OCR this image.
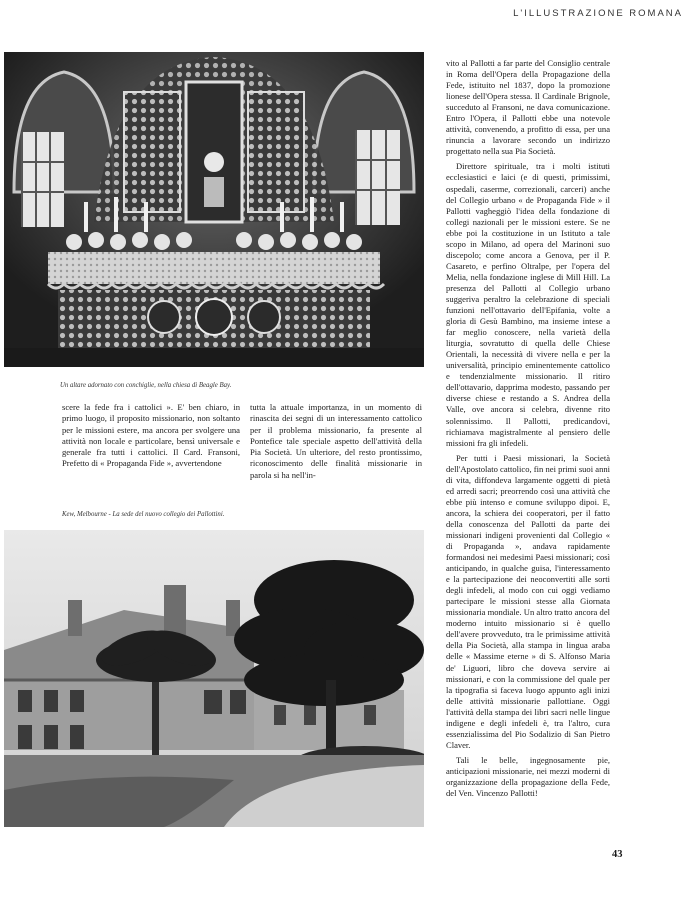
L'ILLUSTRAZIONE ROMANA
Un altare adornato con conchiglie, nella chiesa di Beagle Bay.

scere la fede fra i cattolici ». E' ben chiaro, in primo luogo, il proposito missionario, non soltanto per le missioni estere, ma ancora per svolgere una attività non locale e particolare, bensì universale e generale fra tutti i cattolici. Il Card. Fransoni, Prefetto di « Propaganda Fide », avvertendone

tutta la attuale importanza, in un momento di rinascita dei segni di un interessamento cattolico per il problema missionario, fa presente al Pontefice tale speciale aspetto dell'attività della Pia Società. Un ulteriore, del resto prontissimo, riconoscimento delle finalità missionarie in parola si ha nell'in-

Kew, Melbourne - La sede del nuovo collegio dei Pallottini.

vito al Pallotti a far parte del Consiglio centrale in Roma dell'Opera della Propagazione della Fede, istituito nel 1837, dopo la promozione lionese dell'Opera stessa. Il Cardinale Brignole, succeduto al Fransoni, ne dava comunicazione. Entro l'Opera, il Pallotti ebbe una notevole attività, convenendo, a profitto di essa, per una rinuncia a lavorare secondo un indirizzo progettato nella sua Pia Società.

Direttore spirituale, tra i molti istituti ecclesiastici e laici (e di questi, primissimi, ospedali, caserme, correzionali, carceri) anche del Collegio urbano « de Propaganda Fide » il Pallotti vagheggiò l'idea della fondazione di collegi nazionali per le missioni estere. Se ne ebbe poi la costituzione in un Istituto a tale scopo in Milano, ad opera del Marinoni suo discepolo; come ancora a Genova, per il P. Casareto, e perfino Oltralpe, per l'opera del Melia, nella fondazione inglese di Mill Hill. La presenza del Pallotti al Collegio urbano suggeriva peraltro la celebrazione di speciali funzioni nell'ottavario dell'Epifania, volte a gloria di Gesù Bambino, ma insieme intese a far meglio conoscere, nella varietà della liturgia, sovratutto di quella delle Chiese Orientali, la necessità di vivere nella e per la universalità, principio eminentemente cattolico e tendenzialmente missionario. Il ritiro dell'ottavario, dapprima modesto, passando per diverse chiese e restando a S. Andrea della Valle, ove ancora si celebra, divenne rito solennissimo. Il Pallotti, predicandovi, richiamava magistralmente al pensiero delle missioni fra gli infedeli.

Per tutti i Paesi missionari, la Società dell'Apostolato cattolico, fin nei primi suoi anni di vita, diffondeva largamente oggetti di pietà ed arredi sacri; preorrendo così una attività che ebbe più intenso e comune sviluppo dipoi. E, ancora, la schiera dei cooperatori, per il fatto della conoscenza del Pallotti da parte dei missionari indigeni provenienti dal Collegio « di Propaganda », andava rapidamente formandosi nei medesimi Paesi missionari; così anticipando, in qualche guisa, l'interessamento e la partecipazione dei neoconvertiti alle sorti degli infedeli, al modo con cui oggi vediamo partecipare le missioni stesse alla Giornata missionaria mondiale. Un altro tratto ancora del moderno intuito missionario si è quello dell'avere provveduto, tra le primissime attività della Pia Società, alla stampa in lingua araba delle « Massime eterne » di S. Alfonso Maria de' Liguori, libro che doveva servire ai missionari, e con la commissione del quale per la tipografia si faceva luogo appunto agli inizi delle attività missionarie pallottiane. Oggi l'attività della stampa dei libri sacri nelle lingue indigene e degli infedeli è, tra l'altro, cura essenzialissima del Pio Sodalizio di San Pietro Claver.

Tali le belle, ingegnosamente pie, anticipazioni missionarie, nei mezzi moderni di organizzazione della propagazione della Fede, del Ven. Vincenzo Pallotti!

43
